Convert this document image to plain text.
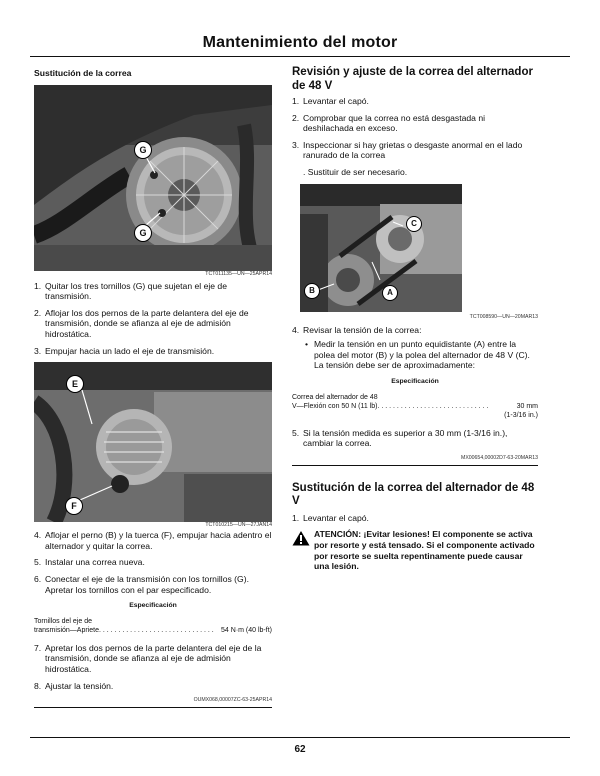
Mantenimiento del motor
Sustitución de la correa
G
G
TCT011135—UN—25APR14
1. Quitar los tres tornillos (G) que sujetan el eje de transmisión.
2. Aflojar los dos pernos de la parte delantera del eje de transmisión, donde se afianza al eje de admisión hidrostática.
3. Empujar hacia un lado el eje de transmisión.
E
F
TCT010215—UN—27JAN14
4. Aflojar el perno (B) y la tuerca (F), empujar hacia adentro el alternador y quitar la correa.
5. Instalar una correa nueva.
6. Conectar el eje de la transmisión con los tornillos (G). Apretar los tornillos con el par especificado.
Especificación
Tornillos del eje de
transmisión—Apriete. . . . . . . . . . . . . . . . . . . . . . . . . . . . . .	54 N·m (40 lb-ft)
7. Apretar los dos pernos de la parte delantera del eje de la transmisión, donde se afianza al eje de admisión hidrostática.
8. Ajustar la tensión.
OUMX068,00007ZC-63-25APR14
Revisión y ajuste de la correa del alternador de 48 V
1. Levantar el capó.
2. Comprobar que la correa no está desgastada ni deshilachada en exceso.
3. Inspeccionar si hay grietas o desgaste anormal en el lado ranurado de la correa
. Sustituir de ser necesario.
C
B	A
TCT008590—UN—20MAR13
4. Revisar la tensión de la correa:
• Medir la tensión en un punto equidistante (A) entre la polea del motor (B) y la polea del alternador de 48 V (C). La tensión debe ser de aproximadamente:
Especificación
Correa del alternador de 48
V—Flexión con 50 N (11 lb). . . . . . . . . . . . . . . . . . . . . . . . . . . . .	30 mm
(1-3/16 in.)
5. Si la tensión medida es superior a 30 mm (1-3/16 in.), cambiar la correa.
MX00654,00002D7-63-20MAR13
Sustitución de la correa del alternador de 48 V
1. Levantar el capó.
ATENCIÓN: ¡Evitar lesiones! El componente se activa por resorte y está tensado. Si el componente activado por resorte se suelta repentinamente puede causar una lesión.
62
